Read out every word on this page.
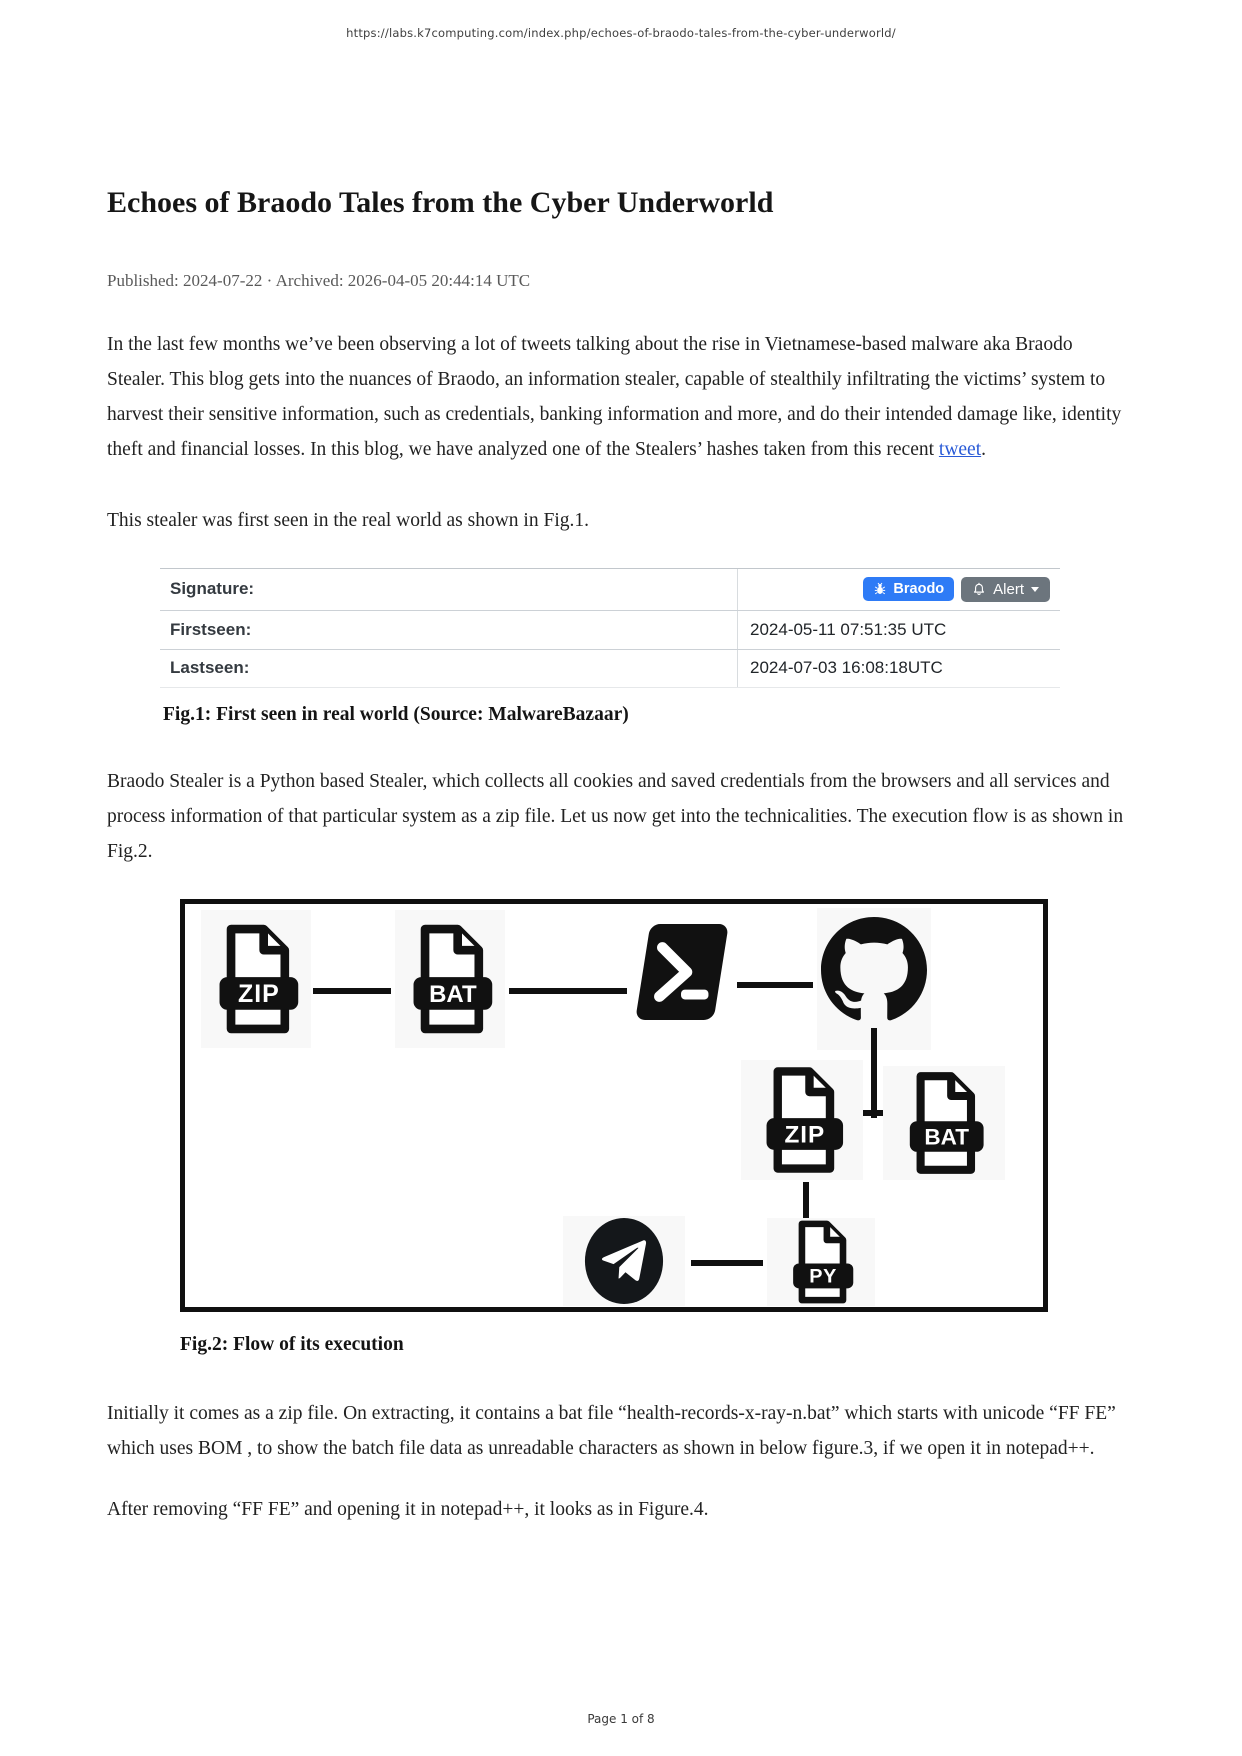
https://labs.k7computing.com/index.php/echoes-of-braodo-tales-from-the-cyber-underworld/
Echoes of Braodo Tales from the Cyber Underworld
Published: 2024-07-22 · Archived: 2026-04-05 20:44:14 UTC

In the last few months we’ve been observing a lot of tweets talking about the rise in Vietnamese-based malware aka Braodo Stealer. This blog gets into the nuances of Braodo, an information stealer, capable of stealthily infiltrating the victims’ system to harvest their sensitive information, such as credentials, banking information and more, and do their intended damage like, identity theft and financial losses. In this blog, we have analyzed one of the Stealers’ hashes taken from this recent tweet.

This stealer was first seen in the real world as shown in Fig.1.

Signature:	Braodo	Alert
Firstseen:	2024-05-11 07:51:35 UTC
Lastseen:	2024-07-03 16:08:18UTC
Fig.1: First seen in real world (Source: MalwareBazaar)

Braodo Stealer is a Python based Stealer, which collects all cookies and saved credentials from the browsers and all services and process information of that particular system as a zip file. Let us now get into the technicalities. The execution flow is as shown in Fig.2.

ZIP	BAT
ZIP	BAT
PY
Fig.2: Flow of its execution

Initially it comes as a zip file. On extracting, it contains a bat file “health-records-x-ray-n.bat” which starts with unicode “FF FE” which uses BOM , to show the batch file data as unreadable characters as shown in below figure.3, if we open it in notepad++.

After removing “FF FE” and opening it in notepad++, it looks as in Figure.4.

Page 1 of 8
